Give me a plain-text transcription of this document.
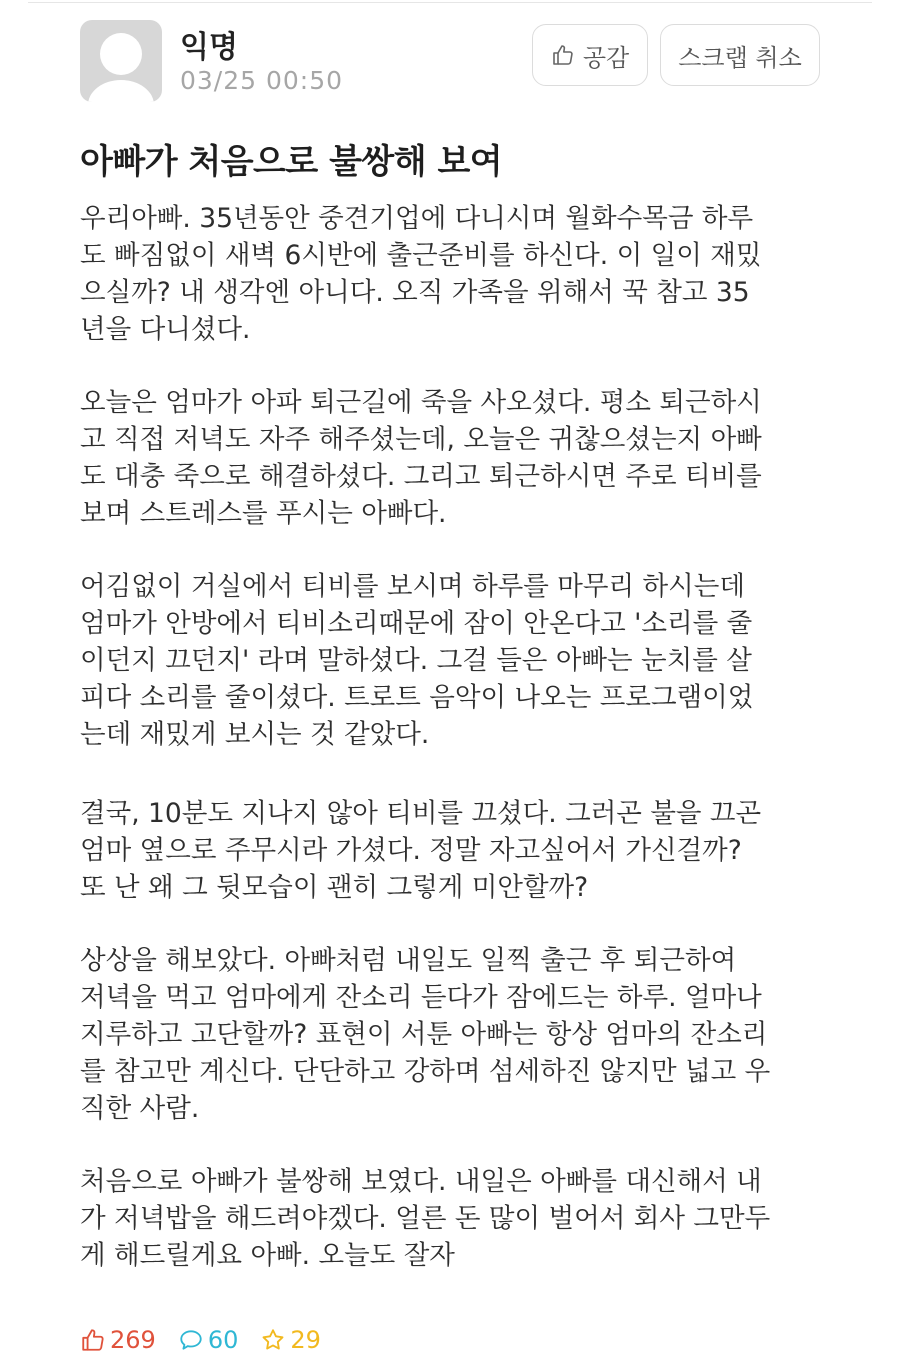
익명
03/25 00:50
공감 스크랩 취소
아빠가 처음으로 불쌍해 보여
우리아빠. 35년동안 중견기업에 다니시며 월화수목금 하루
도 빠짐없이 새벽 6시반에 출근준비를 하신다. 이 일이 재밌
으실까? 내 생각엔 아니다. 오직 가족을 위해서 꾹 참고 35
년을 다니셨다.
오늘은 엄마가 아파 퇴근길에 죽을 사오셨다. 평소 퇴근하시
고 직접 저녁도 자주 해주셨는데, 오늘은 귀찮으셨는지 아빠
도 대충 죽으로 해결하셨다. 그리고 퇴근하시면 주로 티비를
보며 스트레스를 푸시는 아빠다.
어김없이 거실에서 티비를 보시며 하루를 마무리 하시는데
엄마가 안방에서 티비소리때문에 잠이 안온다고 '소리를 줄
이던지 끄던지' 라며 말하셨다. 그걸 들은 아빠는 눈치를 살
피다 소리를 줄이셨다. 트로트 음악이 나오는 프로그램이었
는데 재밌게 보시는 것 같았다.
결국, 10분도 지나지 않아 티비를 끄셨다. 그러곤 불을 끄곤
엄마 옆으로 주무시라 가셨다. 정말 자고싶어서 가신걸까?
또 난 왜 그 뒷모습이 괜히 그렇게 미안할까?
상상을 해보았다. 아빠처럼 내일도 일찍 출근 후 퇴근하여
저녁을 먹고 엄마에게 잔소리 듣다가 잠에드는 하루. 얼마나
지루하고 고단할까? 표현이 서툰 아빠는 항상 엄마의 잔소리
를 참고만 계신다. 단단하고 강하며 섬세하진 않지만 넓고 우
직한 사람.
처음으로 아빠가 불쌍해 보였다. 내일은 아빠를 대신해서 내
가 저녁밥을 해드려야겠다. 얼른 돈 많이 벌어서 회사 그만두
게 해드릴게요 아빠. 오늘도 잘자
269 60 29
